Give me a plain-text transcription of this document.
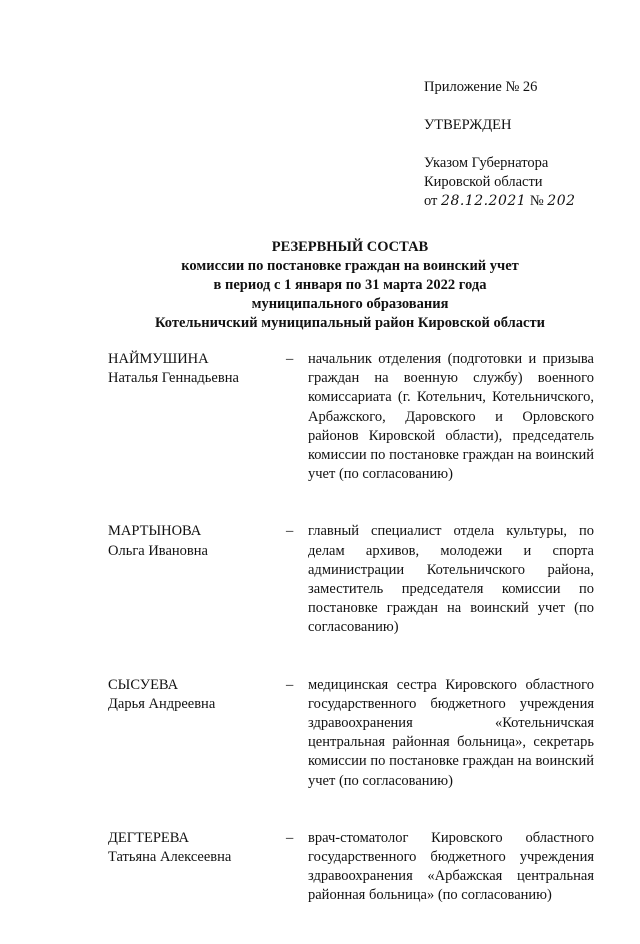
Приложение № 26
УТВЕРЖДЕН
Указом Губернатора
Кировской области
от 28.12.2021 № 202
РЕЗЕРВНЫЙ СОСТАВ
комиссии по постановке граждан на воинский учет
в период с 1 января по 31 марта 2022 года
муниципального образования
Котельничский муниципальный район Кировской области
НАЙМУШИНА
Наталья Геннадьевна
–	начальник отделения (подготовки и призыва граждан на военную службу) военного комиссариата (г. Котельнич, Котельничского, Арбажского, Даровского и Орловского районов Кировской области), председатель комиссии по постановке граждан на воинский учет (по согласованию)
МАРТЫНОВА
Ольга Ивановна
–	главный специалист отдела культуры, по делам архивов, молодежи и спорта администрации Котельничского района, заместитель председателя комиссии по постановке граждан на воинский учет (по согласованию)
СЫСУЕВА
Дарья Андреевна
–	медицинская сестра Кировского областного государственного бюджетного учреждения здравоохранения «Котельничская центральная районная больница», секретарь комиссии по постановке граждан на воинский учет (по согласованию)
ДЕГТЕРЕВА
Татьяна Алексеевна
–	врач-стоматолог Кировского областного государственного бюджетного учреждения здравоохранения «Арбажская центральная районная больница» (по согласованию)
